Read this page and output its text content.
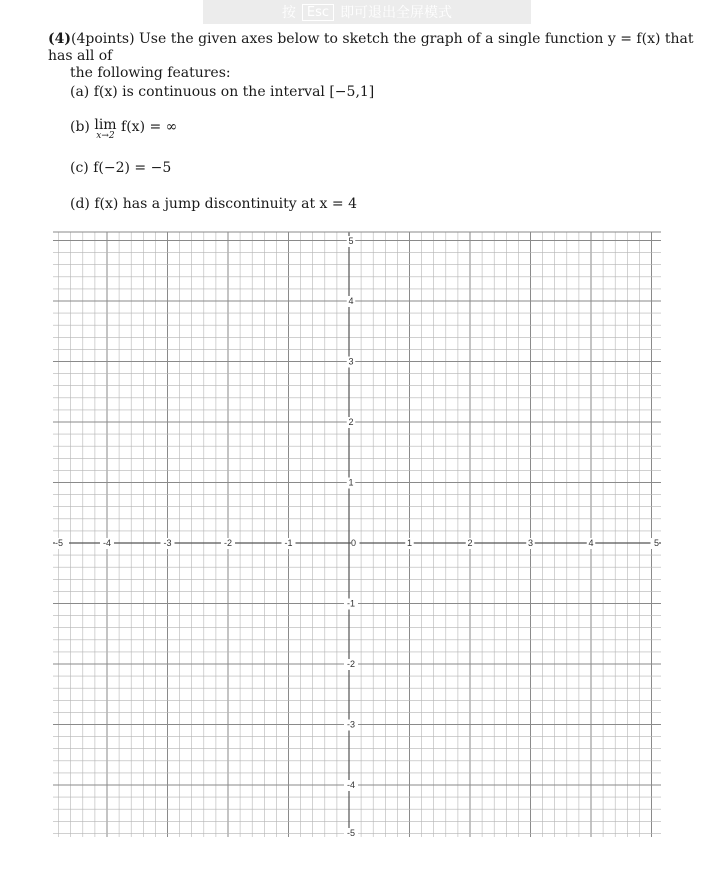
按 Esc 即可退出全屏模式
(4)(4points) Use the given axes below to sketch the graph of a single function y = f(x) that has all of
the following features:
(a) f(x) is continuous on the interval [−5,1]
(b) lim
x→2
f(x) = ∞
(c) f(−2) = −5
(d) f(x) has a jump discontinuity at x = 4
-5	-4	-3	-2	-1	0	1	2	3	4	5
5
4
3
2
1
-1
-2
-3
-4
-5
